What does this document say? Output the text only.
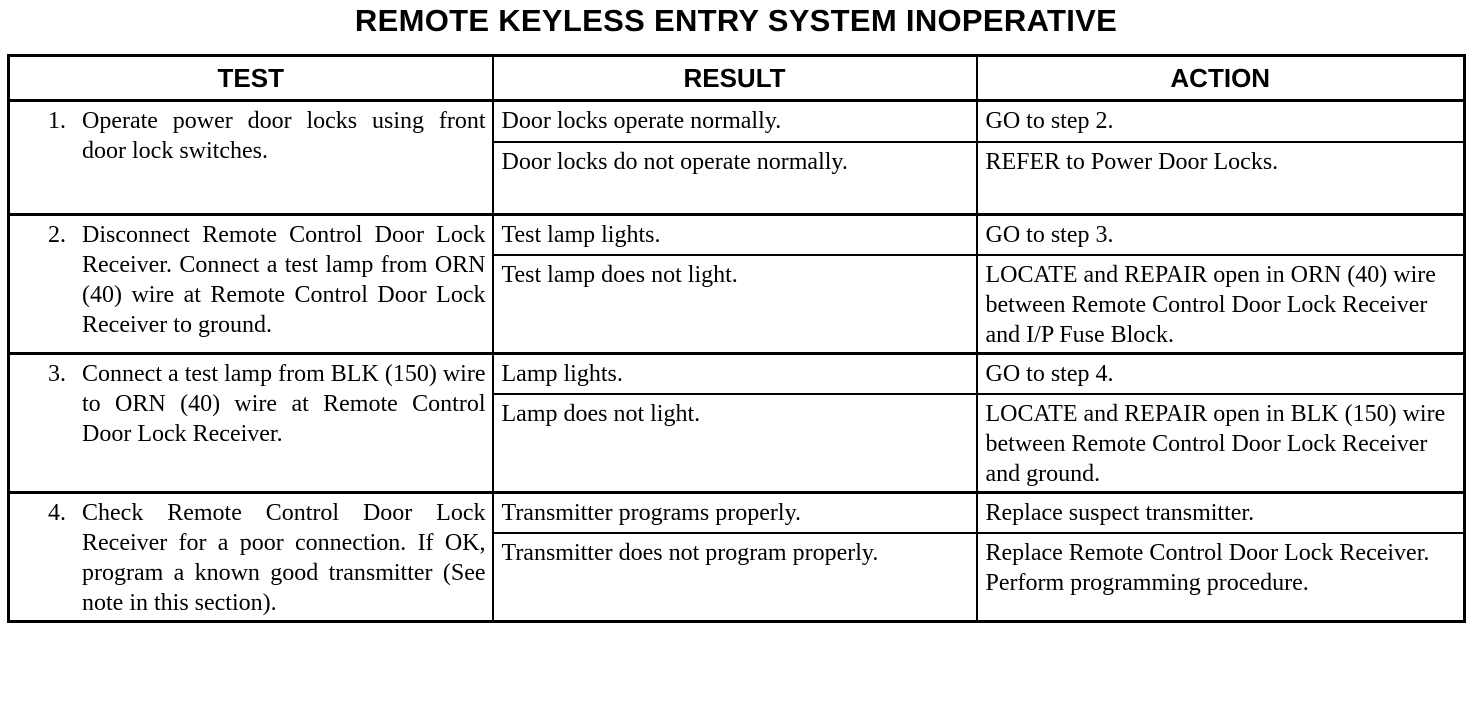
REMOTE KEYLESS ENTRY SYSTEM INOPERATIVE
TEST	RESULT	ACTION

1. Operate power door locks using front door lock switches.	Door locks operate normally.	GO to step 2.
	Door locks do not operate normally.	REFER to Power Door Locks.

2. Disconnect Remote Control Door Lock Receiver. Connect a test lamp from ORN (40) wire at Remote Control Door Lock Receiver to ground.	Test lamp lights.	GO to step 3.
	Test lamp does not light.	LOCATE and REPAIR open in ORN (40) wire between Remote Control Door Lock Receiver and I/P Fuse Block.

3. Connect a test lamp from BLK (150) wire to ORN (40) wire at Remote Control Door Lock Receiver.	Lamp lights.	GO to step 4.
	Lamp does not light.	LOCATE and REPAIR open in BLK (150) wire between Remote Control Door Lock Receiver and ground.

4. Check Remote Control Door Lock Receiver for a poor connection. If OK, program a known good transmitter (See note in this section).	Transmitter programs properly.	Replace suspect transmitter.
	Transmitter does not program properly.	Replace Remote Control Door Lock Receiver. Perform programming procedure.
